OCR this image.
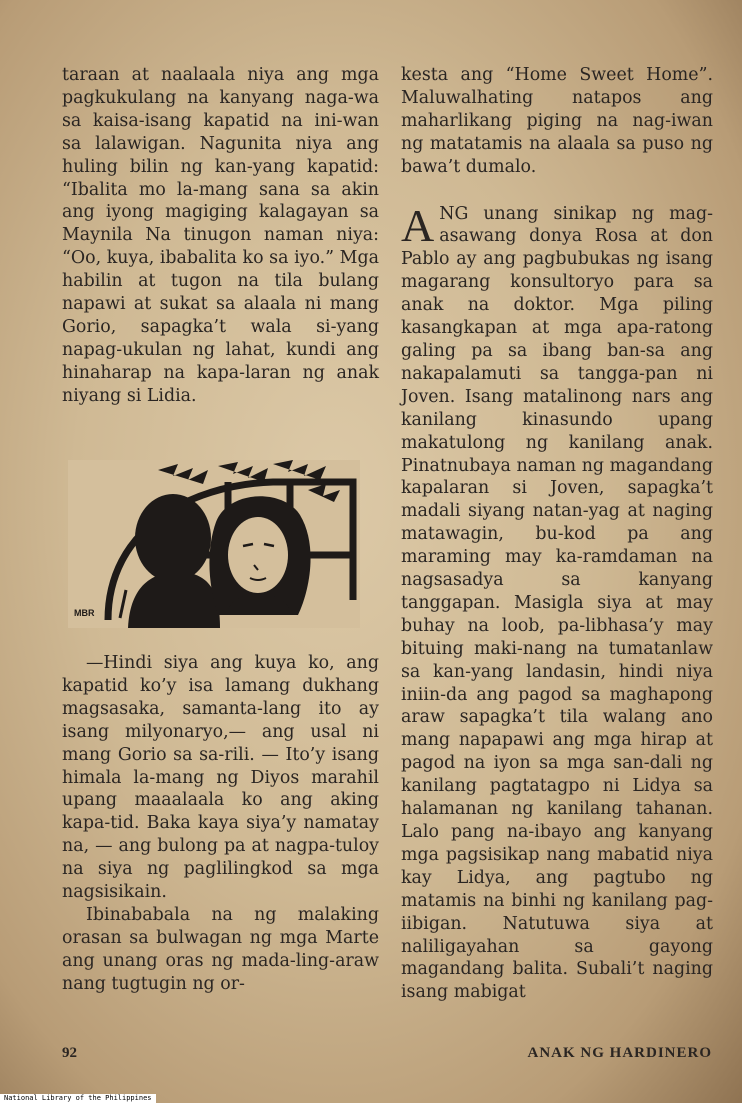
taraan at naalaala niya ang mga pagkukulang na kanyang naga-wa sa kaisa-isang kapatid na ini-wan sa lalawigan. Nagunita niya ang huling bilin ng kan-yang kapatid: “Ibalita mo la-mang sana sa akin ang iyong magiging kalagayan sa Maynila Na tinugon naman niya: “Oo, kuya, ibabalita ko sa iyo.” Mga habilin at tugon na tila bulang napawi at sukat sa alaala ni mang Gorio, sapagka’t wala si-yang napag-ukulan ng lahat, kundi ang hinaharap na kapa-laran ng anak niyang si Lidia.

MBR

—Hindi siya ang kuya ko, ang kapatid ko’y isa lamang dukhang magsasaka, samanta-lang ito ay isang milyonaryo,— ang usal ni mang Gorio sa sa-rili. — Ito’y isang himala la-mang ng Diyos marahil upang maaalaala ko ang aking kapa-tid. Baka kaya siya’y namatay na, — ang bulong pa at nagpa-tuloy na siya ng paglilingkod sa mga nagsisikain.

Ibinababala na ng malaking orasan sa bulwagan ng mga Marte ang unang oras ng mada-ling-araw nang tugtugin ng or-

kesta ang “Home Sweet Home”. Maluwalhating natapos ang maharlikang piging na nag-iwan ng matatamis na alaala sa puso ng bawa’t dumalo.

ANG unang sinikap ng mag-asawang donya Rosa at don Pablo ay ang pagbubukas ng isang magarang konsultoryo para sa anak na doktor. Mga piling kasangkapan at mga apa-ratong galing pa sa ibang ban-sa ang nakapalamuti sa tangga-pan ni Joven. Isang matalinong nars ang kanilang kinasundo upang makatulong ng kanilang anak. Pinatnubaya naman ng magandang kapalaran si Joven, sapagka’t madali siyang natan-yag at naging matawagin, bu-kod pa ang maraming may ka-ramdaman na nagsasadya sa kanyang tanggapan. Masigla siya at may buhay na loob, pa-libhasa’y may bituing maki-nang na tumatanlaw sa kan-yang landasin, hindi niya iniin-da ang pagod sa maghapong araw sapagka’t tila walang ano mang napapawi ang mga hirap at pagod na iyon sa mga san-dali ng kanilang pagtatagpo ni Lidya sa halamanan ng kanilang tahanan. Lalo pang na-ibayo ang kanyang mga pagsisikap nang mabatid niya kay Lidya, ang pagtubo ng matamis na binhi ng kanilang pag-iibigan. Natutuwa siya at naliligayahan sa gayong magandang balita. Subali’t naging isang mabigat

92	ANAK NG HARDINERO
National Library of the Philippines
